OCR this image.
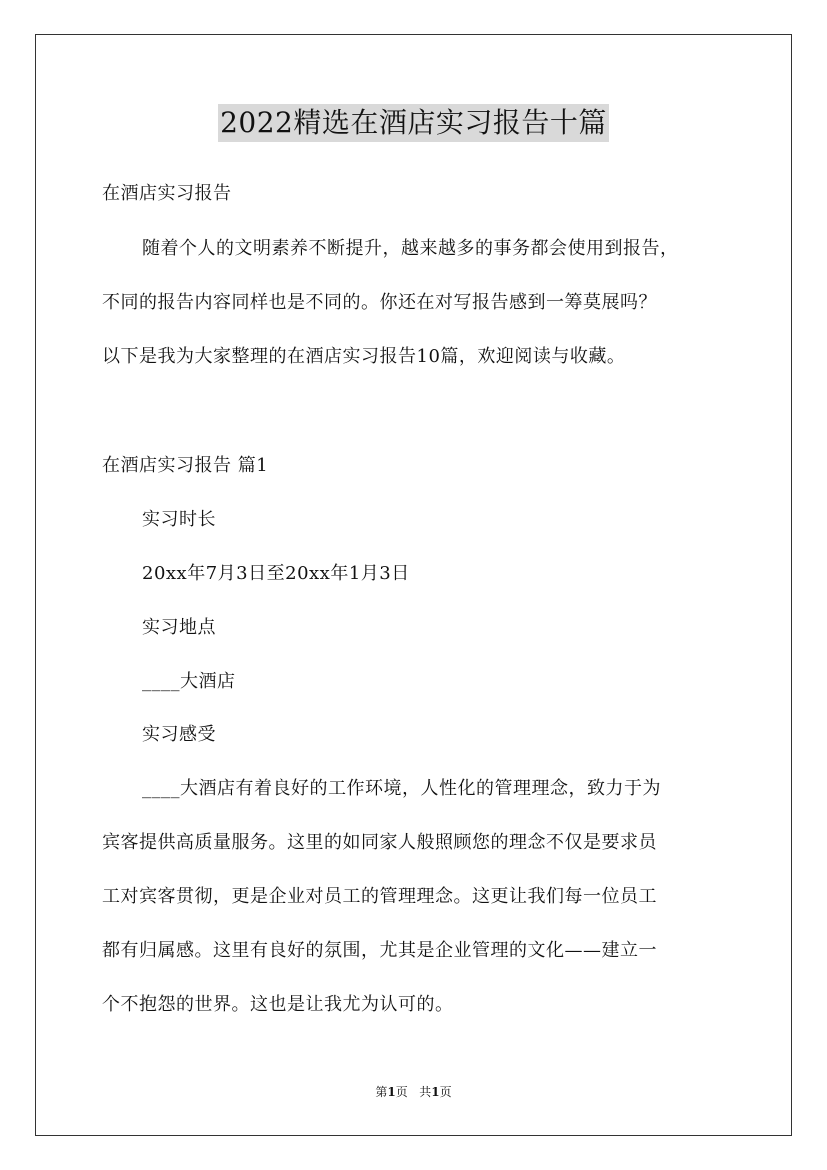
2022精选在酒店实习报告十篇
在酒店实习报告
随着个人的文明素养不断提升，越来越多的事务都会使用到报告，
不同的报告内容同样也是不同的。你还在对写报告感到一筹莫展吗？
以下是我为大家整理的在酒店实习报告10篇，欢迎阅读与收藏。
在酒店实习报告 篇1
实习时长
20xx年7月3日至20xx年1月3日
实习地点
____大酒店
实习感受
____大酒店有着良好的工作环境，人性化的管理理念，致力于为
宾客提供高质量服务。这里的如同家人般照顾您的理念不仅是要求员
工对宾客贯彻，更是企业对员工的管理理念。这更让我们每一位员工
都有归属感。这里有良好的氛围，尤其是企业管理的文化——建立一
个不抱怨的世界。这也是让我尤为认可的。
第1页 共1页
